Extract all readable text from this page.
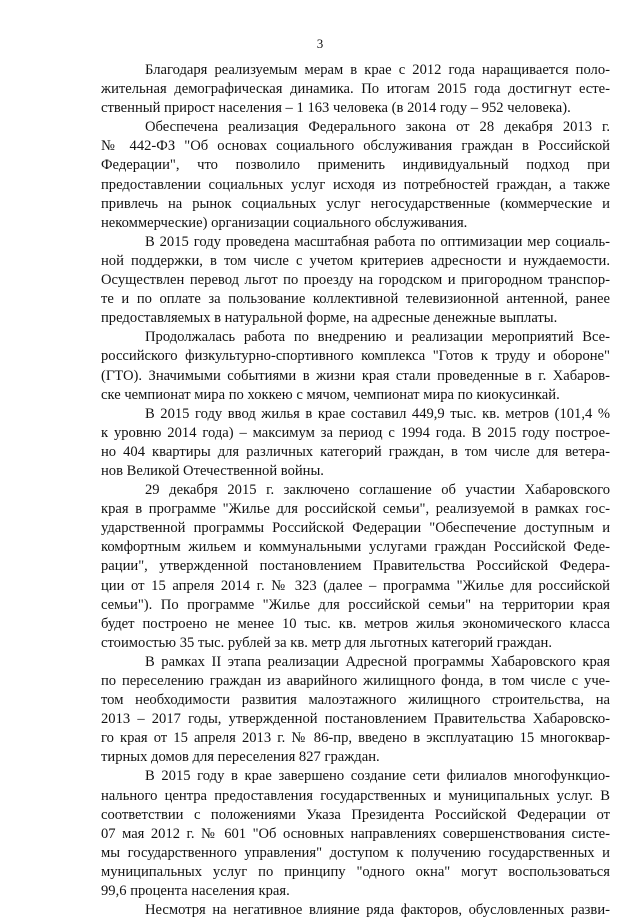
3

Благодаря реализуемым мерам в крае с 2012 года наращивается поло-
жительная демографическая динамика. По итогам 2015 года достигнут есте-
ственный прирост населения – 1 163 человека (в 2014 году – 952 человека).

Обеспечена реализация Федерального закона от 28 декабря 2013 г.
№ 442-ФЗ "Об основах социального обслуживания граждан в Российской
Федерации", что позволило применить индивидуальный подход при
предоставлении социальных услуг исходя из потребностей граждан, а также
привлечь на рынок социальных услуг негосударственные (коммерческие и
некоммерческие) организации социального обслуживания.

В 2015 году проведена масштабная работа по оптимизации мер социаль-
ной поддержки, в том числе с учетом критериев адресности и нуждаемости.
Осуществлен перевод льгот по проезду на городском и пригородном транспор-
те и по оплате за пользование коллективной телевизионной антенной, ранее
предоставляемых в натуральной форме, на адресные денежные выплаты.

Продолжалась работа по внедрению и реализации мероприятий Все-
российского физкультурно-спортивного комплекса "Готов к труду и обороне"
(ГТО). Значимыми событиями в жизни края стали проведенные в г. Хабаров-
ске чемпионат мира по хоккею с мячом, чемпионат мира по киокусинкай.

В 2015 году ввод жилья в крае составил 449,9 тыс. кв. метров (101,4 %
к уровню 2014 года) – максимум за период с 1994 года. В 2015 году построе-
но 404 квартиры для различных категорий граждан, в том числе для ветера-
нов Великой Отечественной войны.

29 декабря 2015 г. заключено соглашение об участии Хабаровского
края в программе "Жилье для российской семьи", реализуемой в рамках гос-
ударственной программы Российской Федерации "Обеспечение доступным и
комфортным жильем и коммунальными услугами граждан Российской Феде-
рации", утвержденной постановлением Правительства Российской Федера-
ции от 15 апреля 2014 г. № 323 (далее – программа "Жилье для российской
семьи"). По программе "Жилье для российской семьи" на территории края
будет построено не менее 10 тыс. кв. метров жилья экономического класса
стоимостью 35 тыс. рублей за кв. метр для льготных категорий граждан.

В рамках II этапа реализации Адресной программы Хабаровского края
по переселению граждан из аварийного жилищного фонда, в том числе с уче-
том необходимости развития малоэтажного жилищного строительства, на
2013 – 2017 годы, утвержденной постановлением Правительства Хабаровско-
го края от 15 апреля 2013 г. № 86-пр, введено в эксплуатацию 15 многоквар-
тирных домов для переселения 827 граждан.

В 2015 году в крае завершено создание сети филиалов многофункцио-
нального центра предоставления государственных и муниципальных услуг. В
соответствии с положениями Указа Президента Российской Федерации от
07 мая 2012 г. № 601 "Об основных направлениях совершенствования систе-
мы государственного управления" доступом к получению государственных и
муниципальных услуг по принципу "одного окна" могут воспользоваться
99,6 процента населения края.

Несмотря на негативное влияние ряда факторов, обусловленных разви-
